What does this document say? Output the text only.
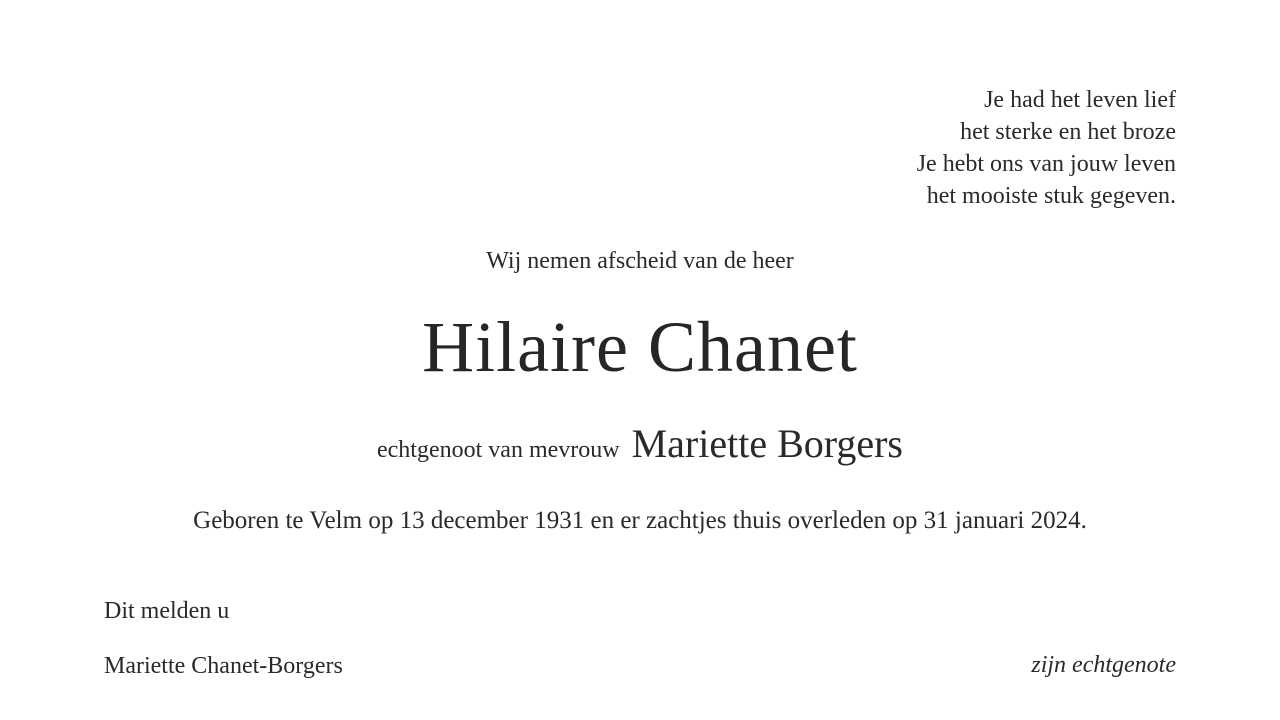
Je had het leven lief
het sterke en het broze
Je hebt ons van jouw leven
het mooiste stuk gegeven.
Wij nemen afscheid van de heer
Hilaire Chanet
echtgenoot van mevrouw Mariette Borgers
Geboren te Velm op 13 december 1931 en er zachtjes thuis overleden op 31 januari 2024.
Dit melden u
Mariette Chanet-Borgers	zijn echtgenote
